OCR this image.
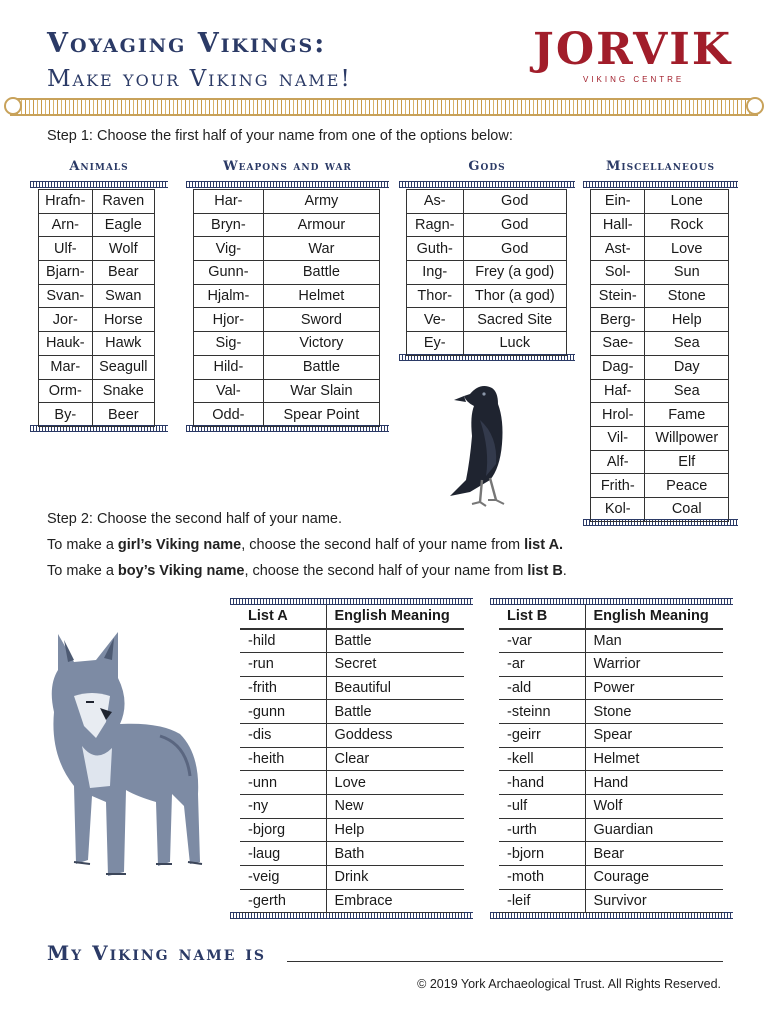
Voyaging Vikings:
Make your Viking name!
JORVIK
VIKING CENTRE
Step 1: Choose the first half of your name from one of the options below:
Animals	Weapons and war	Gods	Miscellaneous
Hrafn-	Raven
Arn-	Eagle
Ulf-	Wolf
Bjarn-	Bear
Svan-	Swan
Jor-	Horse
Hauk-	Hawk
Mar-	Seagull
Orm-	Snake
By-	Beer
Har-	Army
Bryn-	Armour
Vig-	War
Gunn-	Battle
Hjalm-	Helmet
Hjor-	Sword
Sig-	Victory
Hild-	Battle
Val-	War Slain
Odd-	Spear Point
As-	God
Ragn-	God
Guth-	God
Ing-	Frey (a god)
Thor-	Thor (a god)
Ve-	Sacred Site
Ey-	Luck
Ein-	Lone
Hall-	Rock
Ast-	Love
Sol-	Sun
Stein-	Stone
Berg-	Help
Sae-	Sea
Dag-	Day
Haf-	Sea
Hrol-	Fame
Vil-	Willpower
Alf-	Elf
Frith-	Peace
Kol-	Coal
Step 2: Choose the second half of your name.
To make a girl’s Viking name, choose the second half of your name from list A.
To make a boy’s Viking name, choose the second half of your name from list B.
List A	English Meaning
-hild	Battle
-run	Secret
-frith	Beautiful
-gunn	Battle
-dis	Goddess
-heith	Clear
-unn	Love
-ny	New
-bjorg	Help
-laug	Bath
-veig	Drink
-gerth	Embrace
List B	English Meaning
-var	Man
-ar	Warrior
-ald	Power
-steinn	Stone
-geirr	Spear
-kell	Helmet
-hand	Hand
-ulf	Wolf
-urth	Guardian
-bjorn	Bear
-moth	Courage
-leif	Survivor
My Viking name is
© 2019 York Archaeological Trust. All Rights Reserved.
